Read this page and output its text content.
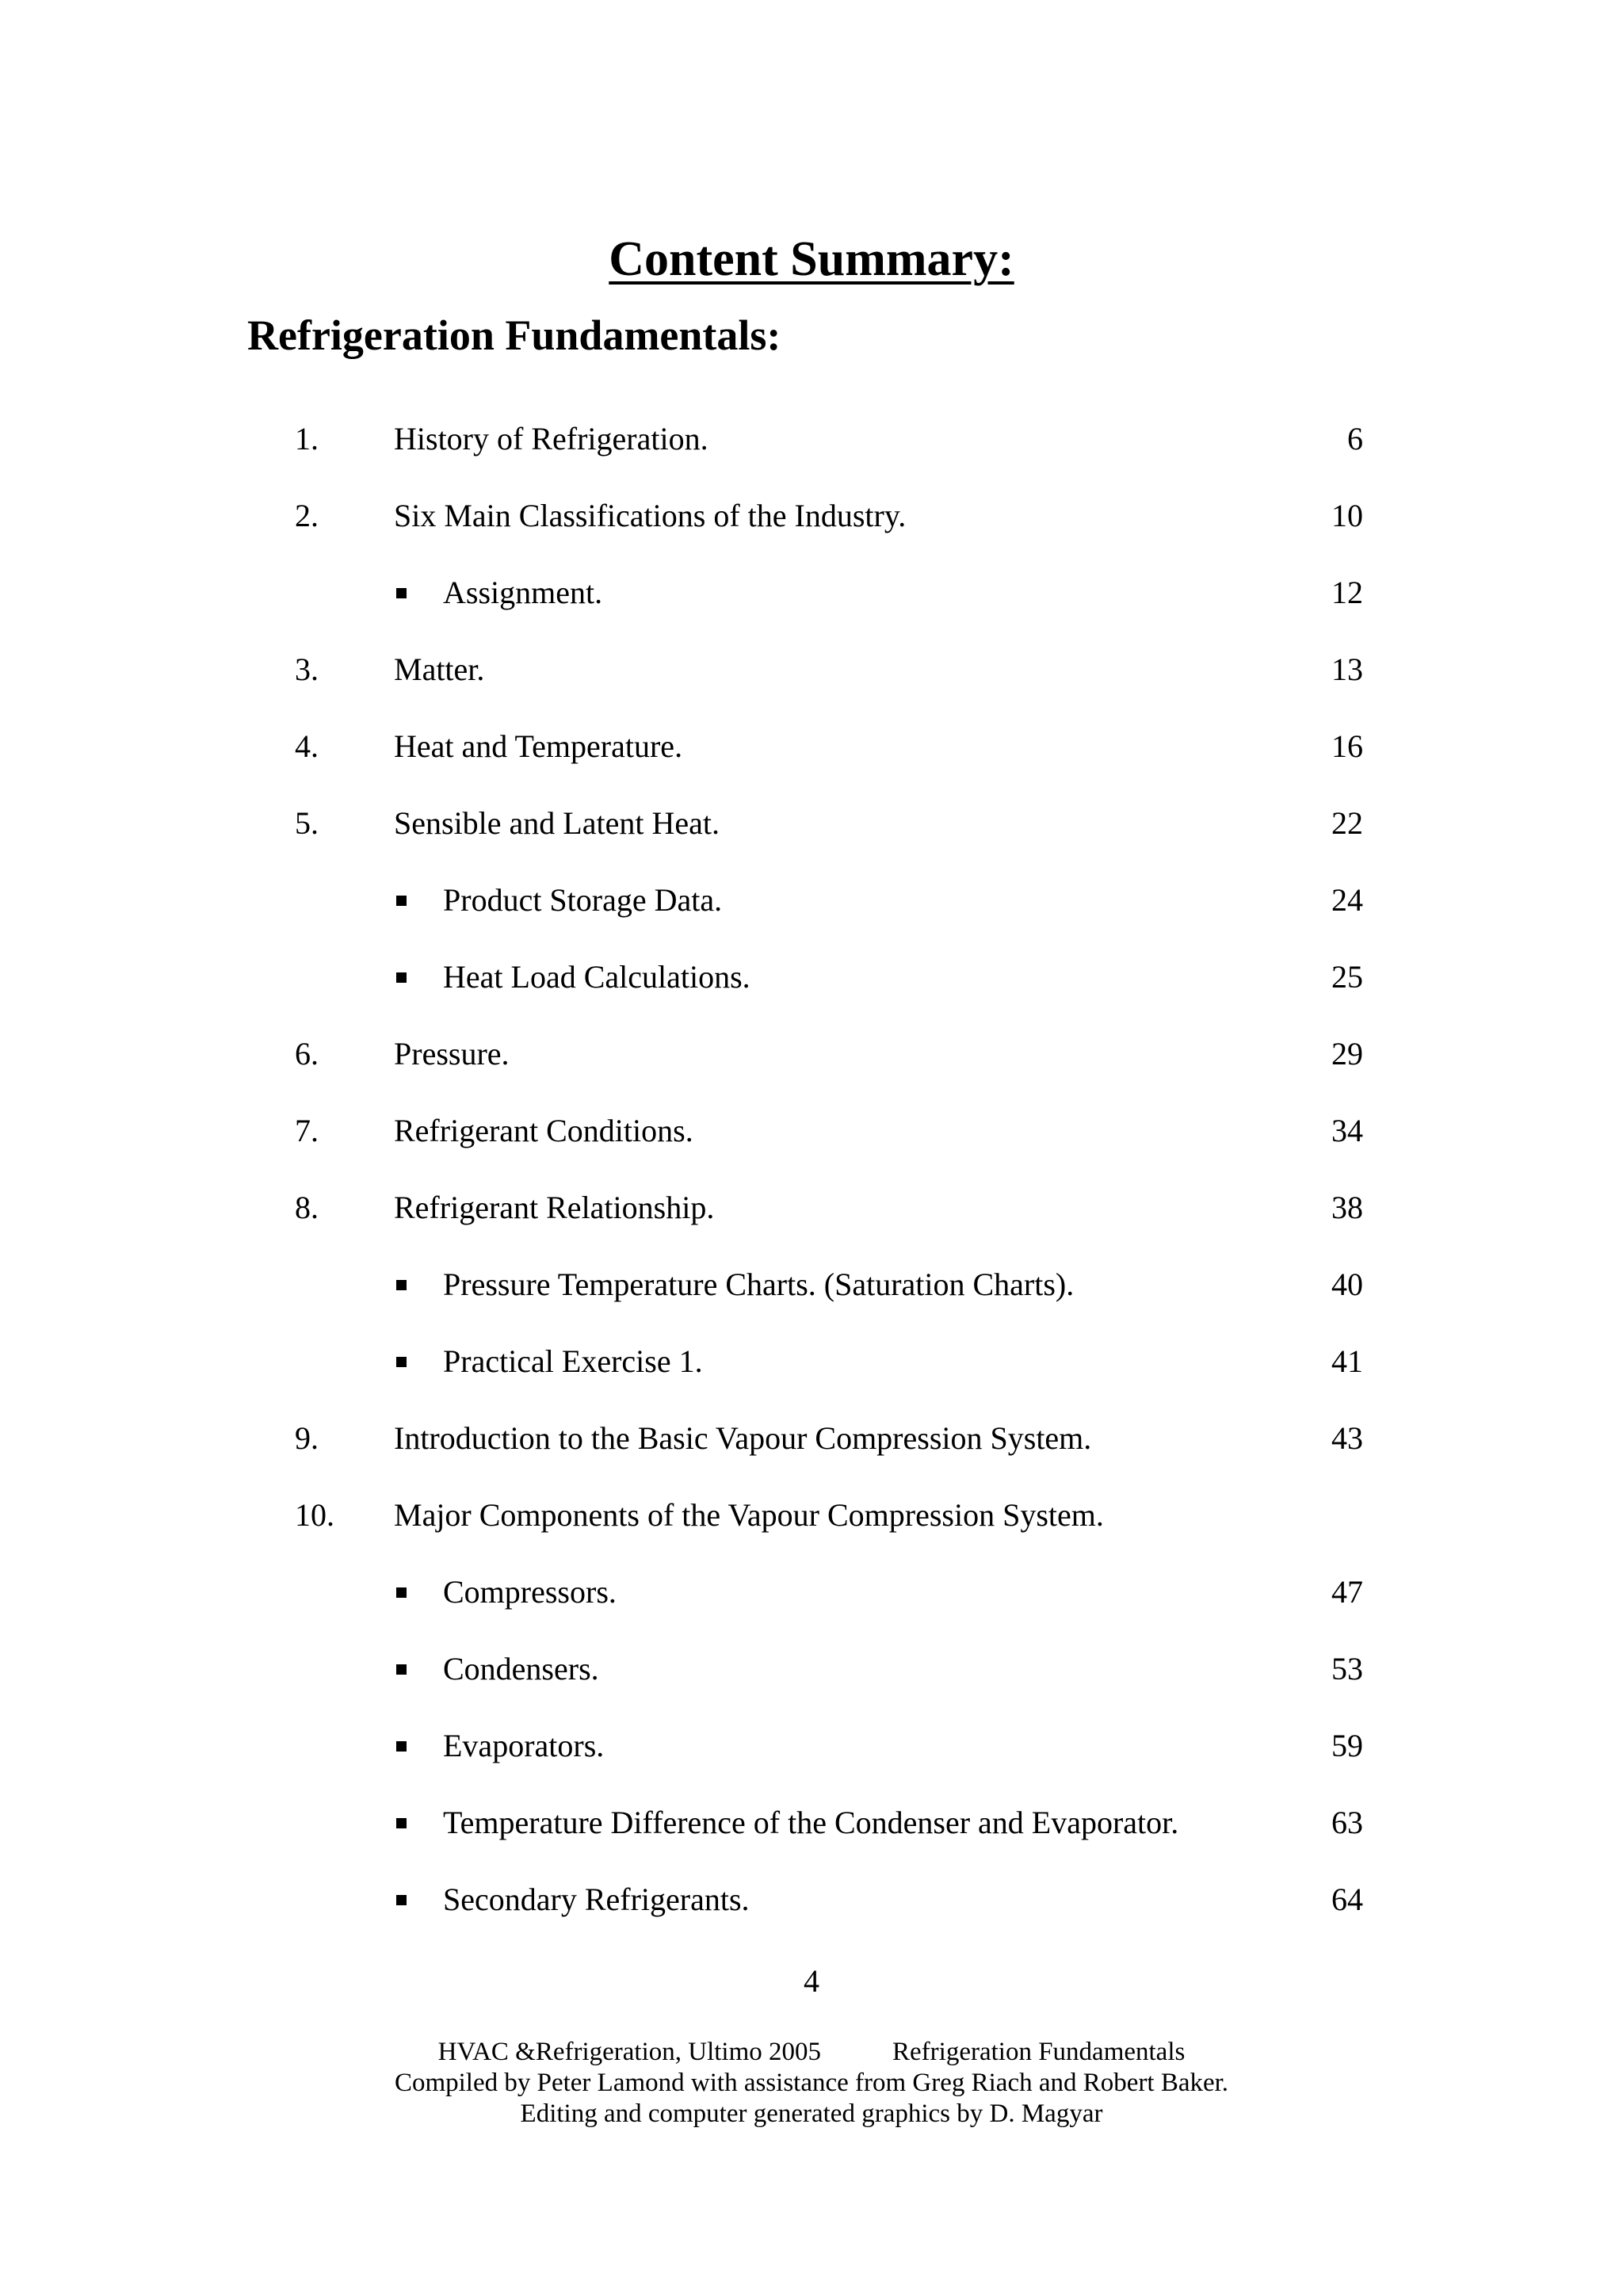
Content Summary:
Refrigeration Fundamentals:
1. History of Refrigeration.	6
2. Six Main Classifications of the Industry.	10
Assignment.	12
3. Matter.	13
4. Heat and Temperature.	16
5. Sensible and Latent Heat.	22
Product Storage Data.	24
Heat Load Calculations.	25
6. Pressure.	29
7. Refrigerant Conditions.	34
8. Refrigerant Relationship.	38
Pressure Temperature Charts. (Saturation Charts).	40
Practical Exercise 1.	41
9. Introduction to the Basic Vapour Compression System.	43
10. Major Components of the Vapour Compression System.
Compressors.	47
Condensers.	53
Evaporators.	59
Temperature Difference of the Condenser and Evaporator.	63
Secondary Refrigerants.	64
4
HVAC &Refrigeration, Ultimo 2005	Refrigeration Fundamentals
Compiled by Peter Lamond with assistance from Greg Riach and Robert Baker.
Editing and computer generated graphics by D. Magyar
